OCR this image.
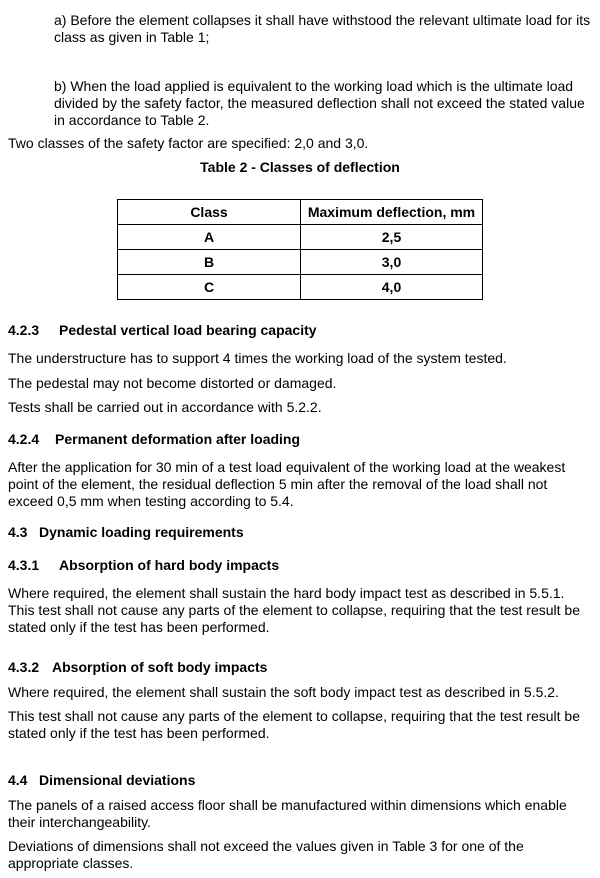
a) Before the element collapses it shall have withstood the relevant ultimate load for its class as given in Table 1;

b) When the load applied is equivalent to the working load which is the ultimate load divided by the safety factor, the measured deflection shall not exceed the stated value in accordance to Table 2.

Two classes of the safety factor are specified: 2,0 and 3,0.

Table 2 - Classes of deflection

Class	Maximum deflection, mm
A	2,5
B	3,0
C	4,0

4.2.3 Pedestal vertical load bearing capacity

The understructure has to support 4 times the working load of the system tested.

The pedestal may not become distorted or damaged.

Tests shall be carried out in accordance with 5.2.2.

4.2.4 Permanent deformation after loading

After the application for 30 min of a test load equivalent of the working load at the weakest point of the element, the residual deflection 5 min after the removal of the load shall not exceed 0,5 mm when testing according to 5.4.

4.3 Dynamic loading requirements

4.3.1 Absorption of hard body impacts

Where required, the element shall sustain the hard body impact test as described in 5.5.1. This test shall not cause any parts of the element to collapse, requiring that the test result be stated only if the test has been performed.

4.3.2 Absorption of soft body impacts

Where required, the element shall sustain the soft body impact test as described in 5.5.2.

This test shall not cause any parts of the element to collapse, requiring that the test result be stated only if the test has been performed.

4.4 Dimensional deviations

The panels of a raised access floor shall be manufactured within dimensions which enable their interchangeability.

Deviations of dimensions shall not exceed the values given in Table 3 for one of the appropriate classes.
